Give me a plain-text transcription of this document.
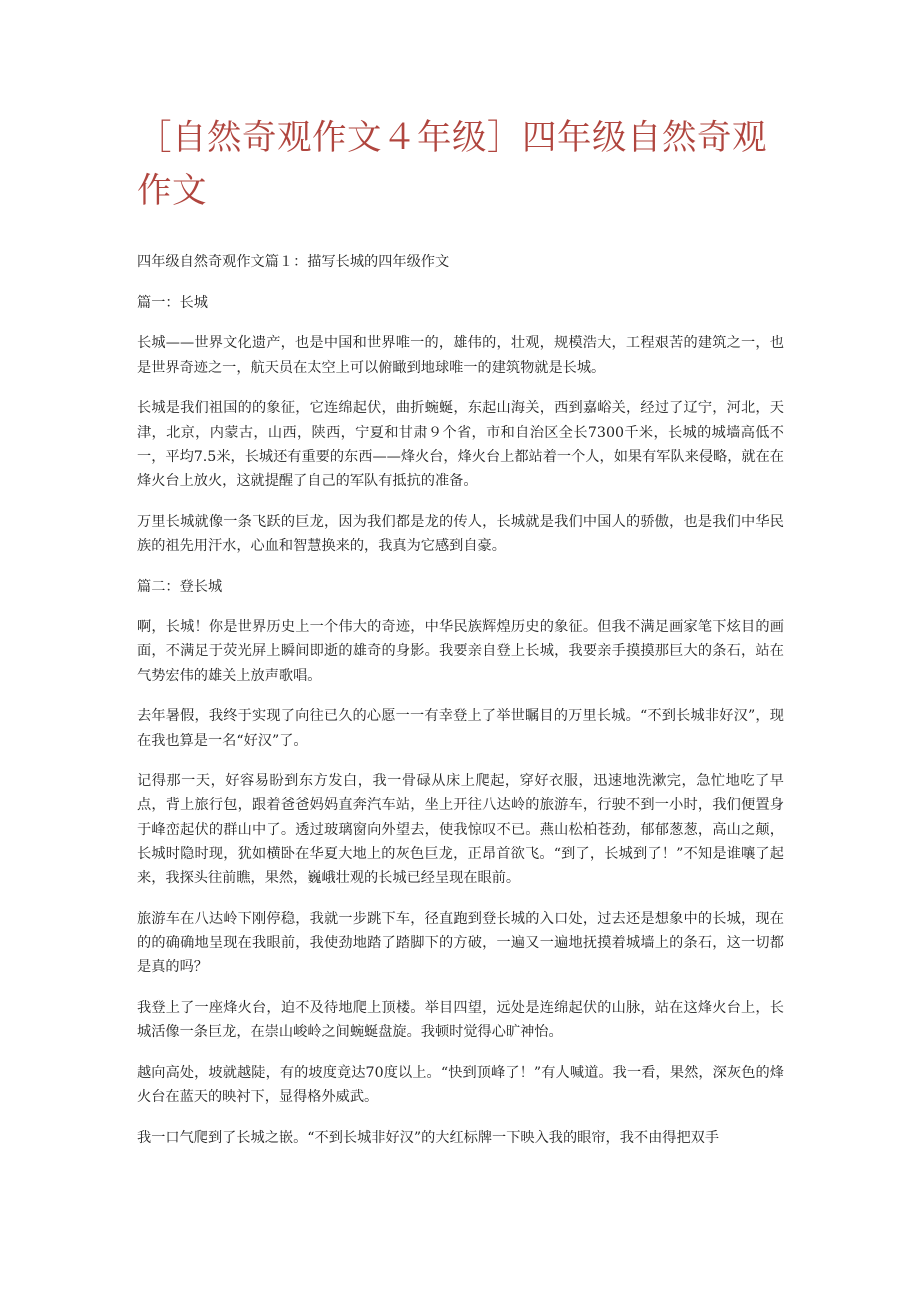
［自然奇观作文４年级］四年级自然奇观作文

四年级自然奇观作文篇１：描写长城的四年级作文

篇一：长城

长城——世界文化遗产，也是中国和世界唯一的，雄伟的，壮观，规模浩大，工程艰苦的建筑之一，也是世界奇迹之一，航天员在太空上可以俯瞰到地球唯一的建筑物就是长城。

长城是我们祖国的的象征，它连绵起伏，曲折蜿蜒，东起山海关，西到嘉峪关，经过了辽宁，河北，天津，北京，内蒙古，山西，陕西，宁夏和甘肃９个省，市和自治区全长7300千米，长城的城墙高低不一，平均7.5米，长城还有重要的东西——烽火台，烽火台上都站着一个人，如果有军队来侵略，就在在烽火台上放火，这就提醒了自己的军队有抵抗的准备。

万里长城就像一条飞跃的巨龙，因为我们都是龙的传人，长城就是我们中国人的骄傲，也是我们中华民族的祖先用汗水，心血和智慧换来的，我真为它感到自豪。

篇二：登长城

啊，长城！你是世界历史上一个伟大的奇迹，中华民族辉煌历史的象征。但我不满足画家笔下炫目的画面，不满足于荧光屏上瞬间即逝的雄奇的身影。我要亲自登上长城，我要亲手摸摸那巨大的条石，站在气势宏伟的雄关上放声歌唱。

去年暑假，我终于实现了向往已久的心愿一一有幸登上了举世瞩目的万里长城。“不到长城非好汉”，现在我也算是一名“好汉”了。

记得那一天，好容易盼到东方发白，我一骨碌从床上爬起，穿好衣服，迅速地洗漱完，急忙地吃了早点，背上旅行包，跟着爸爸妈妈直奔汽车站，坐上开往八达岭的旅游车，行驶不到一小时，我们便置身于峰峦起伏的群山中了。透过玻璃窗向外望去，使我惊叹不已。燕山松柏苍劲，郁郁葱葱，高山之颠，长城时隐时现，犹如横卧在华夏大地上的灰色巨龙，正昂首欲飞。“到了，长城到了！”不知是谁嚷了起来，我探头往前瞧，果然，巍峨壮观的长城已经呈现在眼前。

旅游车在八达岭下刚停稳，我就一步跳下车，径直跑到登长城的入口处，过去还是想象中的长城，现在的的确确地呈现在我眼前，我使劲地踏了踏脚下的方破，一遍又一遍地抚摸着城墙上的条石，这一切都是真的吗？

我登上了一座烽火台，迫不及待地爬上顶楼。举目四望，远处是连绵起伏的山脉，站在这烽火台上，长城活像一条巨龙，在崇山峻岭之间蜿蜒盘旋。我顿时觉得心旷神怡。

越向高处，坡就越陡，有的坡度竟达70度以上。“快到顶峰了！”有人喊道。我一看，果然，深灰色的烽火台在蓝天的映衬下，显得格外威武。

我一口气爬到了长城之嵌。“不到长城非好汉”的大红标牌一下映入我的眼帘，我不由得把双手
